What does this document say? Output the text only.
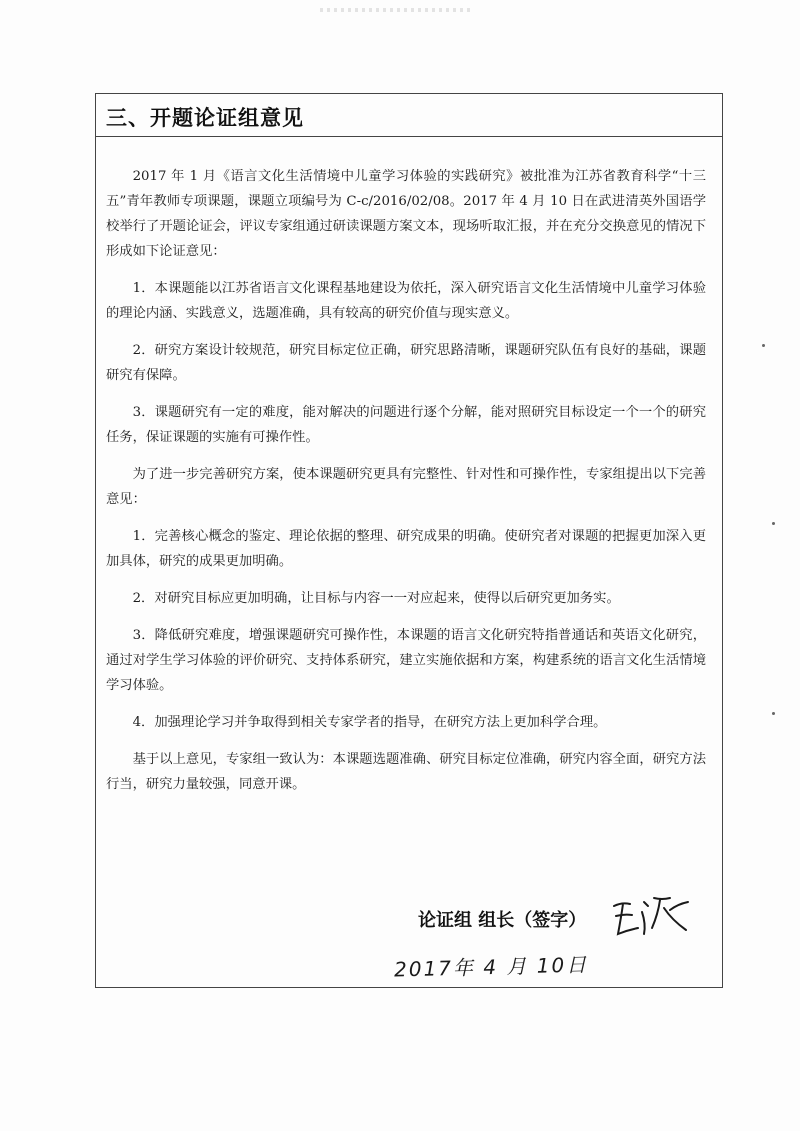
三、开题论证组意见

2017 年 1 月《语言文化生活情境中儿童学习体验的实践研究》被批准为江苏省教育科学“十三五”青年教师专项课题，课题立项编号为 C-c/2016/02/08。2017 年 4 月 10 日在武进清英外国语学校举行了开题论证会，评议专家组通过研读课题方案文本，现场听取汇报，并在充分交换意见的情况下形成如下论证意见：

1．本课题能以江苏省语言文化课程基地建设为依托，深入研究语言文化生活情境中儿童学习体验的理论内涵、实践意义，选题准确，具有较高的研究价值与现实意义。

2．研究方案设计较规范，研究目标定位正确，研究思路清晰，课题研究队伍有良好的基础，课题研究有保障。

3．课题研究有一定的难度，能对解决的问题进行逐个分解，能对照研究目标设定一个一个的研究任务，保证课题的实施有可操作性。

为了进一步完善研究方案，使本课题研究更具有完整性、针对性和可操作性，专家组提出以下完善意见：

1．完善核心概念的鉴定、理论依据的整理、研究成果的明确。使研究者对课题的把握更加深入更加具体，研究的成果更加明确。

2．对研究目标应更加明确，让目标与内容一一对应起来，使得以后研究更加务实。

3．降低研究难度，增强课题研究可操作性，本课题的语言文化研究特指普通话和英语文化研究，通过对学生学习体验的评价研究、支持体系研究，建立实施依据和方案，构建系统的语言文化生活情境学习体验。

4．加强理论学习并争取得到相关专家学者的指导，在研究方法上更加科学合理。

基于以上意见，专家组一致认为：本课题选题准确、研究目标定位准确，研究内容全面，研究方法行当，研究力量较强，同意开课。

论证组 组长（签字）
2017年 4 月 10日
